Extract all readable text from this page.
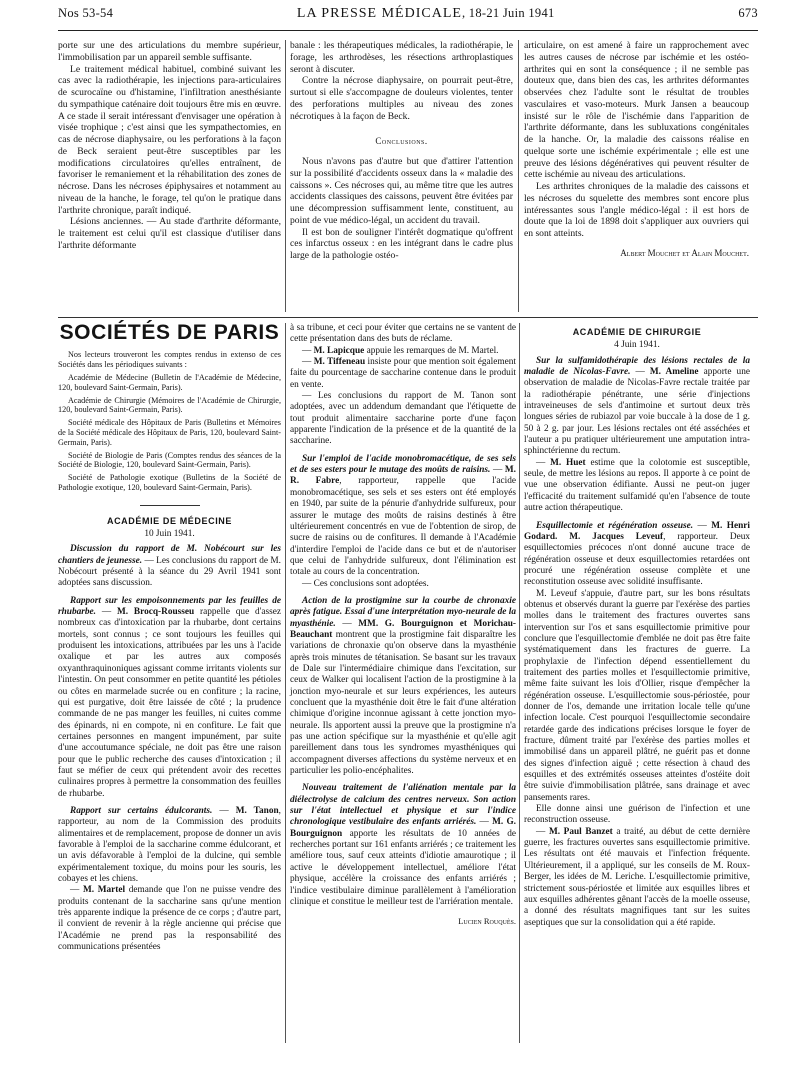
Nos 53-54	LA PRESSE MÉDICALE, 18-21 Juin 1941	673

porte sur une des articulations du membre supérieur, l'immobilisation par un appareil semble suffisante.

Le traitement médical habituel, combiné suivant les cas avec la radiothérapie, les injections para-articulaires de scurocaïne ou d'histamine, l'infiltration anesthésiante du sympathique caténaire doit toujours être mis en œuvre. A ce stade il serait intéressant d'envisager une opération à visée trophique ; c'est ainsi que les sympathectomies, en cas de nécrose diaphysaire, ou les perforations à la façon de Beck seraient peut-être susceptibles par les modifications circulatoires qu'elles entraînent, de favoriser le remaniement et la réhabilitation des zones de nécrose. Dans les nécroses épiphysaires et notamment au niveau de la hanche, le forage, tel qu'on le pratique dans l'arthrite chronique, paraît indiqué.

Lésions anciennes. — Au stade d'arthrite déformante, le traitement est celui qu'il est classique d'utiliser dans l'arthrite déformante

banale : les thérapeutiques médicales, la radiothérapie, le forage, les arthrodèses, les résections arthroplastiques seront à discuter.

Contre la nécrose diaphysaire, on pourrait peut-être, surtout si elle s'accompagne de douleurs violentes, tenter des perforations multiples au niveau des zones nécrotiques à la façon de Beck.

Conclusions.

Nous n'avons pas d'autre but que d'attirer l'attention sur la possibilité d'accidents osseux dans la « maladie des caissons ». Ces nécroses qui, au même titre que les autres accidents classiques des caissons, peuvent être évitées par une décompression suffisamment lente, constituent, au point de vue médico-légal, un accident du travail.

Il est bon de souligner l'intérêt dogmatique qu'offrent ces infarctus osseux : en les intégrant dans le cadre plus large de la pathologie ostéo-

articulaire, on est amené à faire un rapprochement avec les autres causes de nécrose par ischémie et les ostéo-arthrites qui en sont la conséquence ; il ne semble pas douteux que, dans bien des cas, les arthrites déformantes observées chez l'adulte sont le résultat de troubles vasculaires et vaso-moteurs. Murk Jansen a beaucoup insisté sur le rôle de l'ischémie dans l'apparition de l'arthrite déformante, dans les subluxations congénitales de la hanche. Or, la maladie des caissons réalise en quelque sorte une ischémie expérimentale ; elle est une preuve des lésions dégénératives qui peuvent résulter de cette ischémie au niveau des articulations.

Les arthrites chroniques de la maladie des caissons et les nécroses du squelette des membres sont encore plus intéressantes sous l'angle médico-légal : il est hors de doute que la loi de 1898 doit s'appliquer aux ouvriers qui en sont atteints.

Albert Mouchet et Alain Mouchet.
SOCIÉTÉS DE PARIS

Nos lecteurs trouveront les comptes rendus in extenso de ces Sociétés dans les périodiques suivants :

Académie de Médecine (Bulletin de l'Académie de Médecine, 120, boulevard Saint-Germain, Paris).

Académie de Chirurgie (Mémoires de l'Académie de Chirurgie, 120, boulevard Saint-Germain, Paris).

Société médicale des Hôpitaux de Paris (Bulletins et Mémoires de la Société médicale des Hôpitaux de Paris, 120, boulevard Saint-Germain, Paris).

Société de Biologie de Paris (Comptes rendus des séances de la Société de Biologie, 120, boulevard Saint-Germain, Paris).

Société de Pathologie exotique (Bulletins de la Société de Pathologie exotique, 120, boulevard Saint-Germain, Paris).

ACADÉMIE DE MÉDECINE
10 Juin 1941.

Discussion du rapport de M. Nobécourt sur les chantiers de jeunesse. — Les conclusions du rapport de M. Nobécourt présenté à la séance du 29 Avril 1941 sont adoptées sans discussion.

Rapport sur les empoisonnements par les feuilles de rhubarbe. — M. Brocq-Rousseu rappelle que d'assez nombreux cas d'intoxication par la rhubarbe, dont certains mortels, sont connus ; ce sont toujours les feuilles qui produisent les intoxications, attribuées par les uns à l'acide oxalique et par les autres aux composés oxyanthraquinoniques agissant comme irritants violents sur l'intestin. On peut consommer en petite quantité les pétioles ou côtes en marmelade sucrée ou en confiture ; la racine, qui est purgative, doit être laissée de côté ; la prudence commande de ne pas manger les feuilles, ni cuites comme des épinards, ni en compote, ni en confiture. Le fait que certaines personnes en mangent impunément, par suite d'une accoutumance spéciale, ne doit pas être une raison pour que le public recherche des causes d'intoxication ; il faut se méfier de ceux qui prétendent avoir des recettes culinaires propres à permettre la consommation des feuilles de rhubarbe.

Rapport sur certains édulcorants. — M. Tanon, rapporteur, au nom de la Commission des produits alimentaires et de remplacement, propose de donner un avis favorable à l'emploi de la saccharine comme édulcorant, et un avis défavorable à l'emploi de la dulcine, qui semble expérimentalement toxique, du moins pour les souris, les cobayes et les chiens.

— M. Martel demande que l'on ne puisse vendre des produits contenant de la saccharine sans qu'une mention très apparente indique la présence de ce corps ; d'autre part, il convient de revenir à la règle ancienne qui précise que l'Académie ne prend pas la responsabilité des communications présentées

à sa tribune, et ceci pour éviter que certains ne se vantent de cette présentation dans des buts de réclame.

— M. Lapicque appuie les remarques de M. Martel.

— M. Tiffeneau insiste pour que mention soit également faite du pourcentage de saccharine contenue dans le produit en vente.

— Les conclusions du rapport de M. Tanon sont adoptées, avec un addendum demandant que l'étiquette de tout produit alimentaire saccharine porte d'une façon apparente l'indication de la présence et de la quantité de la saccharine.

Sur l'emploi de l'acide monobromacétique, de ses sels et de ses esters pour le mutage des moûts de raisins. — M. R. Fabre, rapporteur, rappelle que l'acide monobromacétique, ses sels et ses esters ont été employés en 1940, par suite de la pénurie d'anhydride sulfureux, pour assurer le mutage des moûts de raisins destinés à être ultérieurement concentrés en vue de l'obtention de sirop, de sucre de raisins ou de confitures. Il demande à l'Académie d'interdire l'emploi de l'acide dans ce but et de n'autoriser que celui de l'anhydride sulfureux, dont l'élimination est totale au cours de la concentration.

— Ces conclusions sont adoptées.

Action de la prostigmine sur la courbe de chronaxie après fatigue. Essai d'une interprétation myo-neurale de la myasthénie. — MM. G. Bourguignon et Morichau-Beauchant montrent que la prostigmine fait disparaître les variations de chronaxie qu'on observe dans la myasthénie après trois minutes de tétanisation. Se basant sur les travaux de Dale sur l'intermédiaire chimique dans l'excitation, sur ceux de Walker qui localisent l'action de la prostigmine à la jonction myo-neurale et sur leurs expériences, les auteurs concluent que la myasthénie doit être le fait d'une altération chimique d'origine inconnue agissant à cette jonction myo-neurale. Ils apportent aussi la preuve que la prostigmine n'a pas une action spécifique sur la myasthénie et qu'elle agit pareillement dans tous les syndromes myasthéniques qui accompagnent diverses affections du système nerveux et en particulier les polio-encéphalites.

Nouveau traitement de l'aliénation mentale par la diélectrolyse de calcium des centres nerveux. Son action sur l'état intellectuel et physique et sur l'indice chronologique vestibulaire des enfants arriérés. — M. G. Bourguignon apporte les résultats de 10 années de recherches portant sur 161 enfants arriérés ; ce traitement les améliore tous, sauf ceux atteints d'idiotie amaurotique ; il active le développement intellectuel, améliore l'état physique, accélère la croissance des enfants arriérés ; l'indice vestibulaire diminue parallèlement à l'amélioration clinique et constitue le meilleur test de l'arriération mentale.

Lucien Rouquès.
ACADÉMIE DE CHIRURGIE
4 Juin 1941.

Sur la sulfamidothérapie des lésions rectales de la maladie de Nicolas-Favre. — M. Ameline apporte une observation de maladie de Nicolas-Favre rectale traitée par la radiothérapie pénétrante, une série d'injections intraveineuses de sels d'antimoine et surtout deux très longues séries de rubiazol par voie buccale à la dose de 1 g. 50 à 2 g. par jour. Les lésions rectales ont été asséchées et l'auteur a pu pratiquer ultérieurement une amputation intra-sphinctérienne du rectum.

— M. Huet estime que la colotomie est susceptible, seule, de mettre les lésions au repos. Il apporte à ce point de vue une observation édifiante. Aussi ne peut-on juger l'efficacité du traitement sulfamidé qu'en l'absence de toute autre action thérapeutique.

Esquillectomie et régénération osseuse. — M. Henri Godard. M. Jacques Leveuf, rapporteur. Deux esquillectomies précoces n'ont donné aucune trace de régénération osseuse et deux esquillectomies retardées ont procuré une régénération osseuse complète et une reconstitution osseuse avec solidité insuffisante.

M. Leveuf s'appuie, d'autre part, sur les bons résultats obtenus et observés durant la guerre par l'exérèse des parties molles dans le traitement des fractures ouvertes sans intervention sur l'os et sans esquillectomie primitive pour conclure que l'esquillectomie d'emblée ne doit pas être faite systématiquement dans les fractures de guerre. La prophylaxie de l'infection dépend essentiellement du traitement des parties molles et l'esquillectomie primitive, même faite suivant les lois d'Ollier, risque d'empêcher la régénération osseuse. L'esquillectomie sous-périostée, pour donner de l'os, demande une irritation locale telle qu'une infection locale. C'est pourquoi l'esquillectomie secondaire retardée garde des indications précises lorsque le foyer de fracture, dûment traité par l'exérèse des parties molles et immobilisé dans un appareil plâtré, ne guérit pas et donne des signes d'infection aiguë ; cette résection à chaud des esquilles et des extrémités osseuses atteintes d'ostéite doit être suivie d'immobilisation plâtrée, sans drainage et avec pansements rares.

Elle donne ainsi une guérison de l'infection et une reconstruction osseuse.

— M. Paul Banzet a traité, au début de cette dernière guerre, les fractures ouvertes sans esquillectomie primitive. Les résultats ont été mauvais et l'infection fréquente. Ultérieurement, il a appliqué, sur les conseils de M. Roux-Berger, les idées de M. Leriche. L'esquillectomie primitive, strictement sous-périostée et limitée aux esquilles libres et aux esquilles adhérentes gênant l'accès de la moelle osseuse, a donné des résultats magnifiques tant sur les suites aseptiques que sur la consolidation qui a été rapide.
